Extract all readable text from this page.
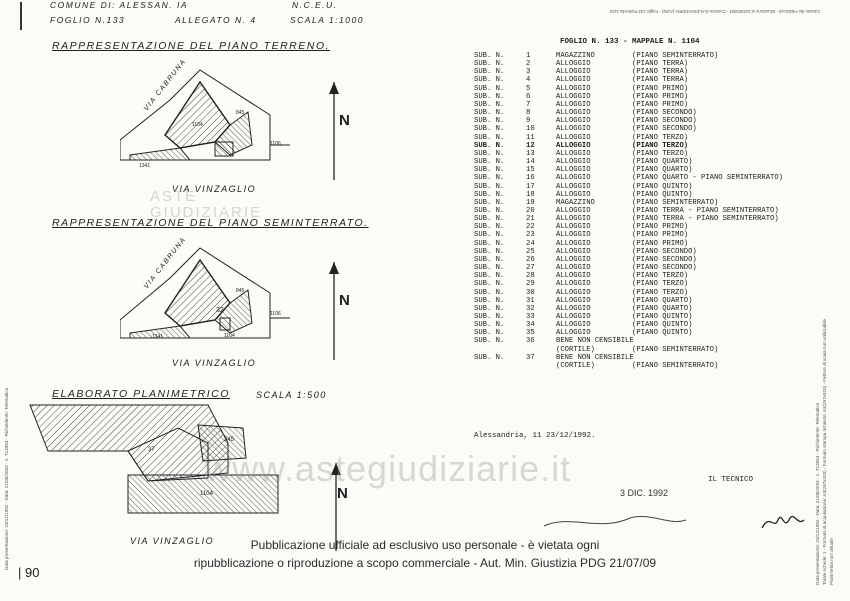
COMUNE DI: ALESSAN. IA	N.C.E.U.
FOGLIO N.133	ALLEGATO N. 4	SCALA 1:1000
RAPPRESENTAZIONE DEL PIANO TERRENO.
VIA CABRUNA
1104
1341
1106
845
VIA VINZAGLIO
N
RAPPRESENTAZIONE DEL PIANO SEMINTERRATO.
VIA CABRUNA
32
1104
1341
1106
845
VIA VINZAGLIO
N
ELABORATO PLANIMETRICO	SCALA 1:500
37
1104
345
VIA VINZAGLIO
N
Data presentazione: 23/12/1992 - Data: 21/06/2004 - n. T13054 - Richiedente: Telematico	Data presentazione: 23/12/1992 - Data: 21/06/2004 - n. T13054 - Richiedente: Telematico Totale schede: 1 - Formato di acquisizione: A3(297x420) - Formato stampa richiesto: A3(297x420) - Fattore di scala non utilizzabile Planimetria non attuale
Catasto dei Fabbricati - Situazione al 21/06/2004 - Comune di ALESSANDRIA (A182) - Foglio 133 Particella 1104
| 90
FOGLIO N. 133 - MAPPALE N. 1104
SUB. N.	1	MAGAZZINO	(PIANO SEMINTERRATO)
SUB. N.	2	ALLOGGIO	(PIANO TERRA)
SUB. N.	3	ALLOGGIO	(PIANO TERRA)
SUB. N.	4	ALLOGGIO	(PIANO TERRA)
SUB. N.	5	ALLOGGIO	(PIANO PRIMO)
SUB. N.	6	ALLOGGIO	(PIANO PRIMO)
SUB. N.	7	ALLOGGIO	(PIANO PRIMO)
SUB. N.	8	ALLOGGIO	(PIANO SECONDO)
SUB. N.	9	ALLOGGIO	(PIANO SECONDO)
SUB. N.	10	ALLOGGIO	(PIANO SECONDO)
SUB. N.	11	ALLOGGIO	(PIANO TERZO)
SUB. N.	12	ALLOGGIO	(PIANO TERZO)
SUB. N.	13	ALLOGGIO	(PIANO TERZO)
SUB. N.	14	ALLOGGIO	(PIANO QUARTO)
SUB. N.	15	ALLOGGIO	(PIANO QUARTO)
SUB. N.	16	ALLOGGIO	(PIANO QUARTO - PIANO SEMINTERRATO)
SUB. N.	17	ALLOGGIO	(PIANO QUINTO)
SUB. N.	18	ALLOGGIO	(PIANO QUINTO)
SUB. N.	19	MAGAZZINO	(PIANO SEMINTERRATO)
SUB. N.	20	ALLOGGIO	(PIANO TERRA - PIANO SEMINTERRATO)
SUB. N.	21	ALLOGGIO	(PIANO TERRA - PIANO SEMINTERRATO)
SUB. N.	22	ALLOGGIO	(PIANO PRIMO)
SUB. N.	23	ALLOGGIO	(PIANO PRIMO)
SUB. N.	24	ALLOGGIO	(PIANO PRIMO)
SUB. N.	25	ALLOGGIO	(PIANO SECONDO)
SUB. N.	26	ALLOGGIO	(PIANO SECONDO)
SUB. N.	27	ALLOGGIO	(PIANO SECONDO)
SUB. N.	28	ALLOGGIO	(PIANO TERZO)
SUB. N.	29	ALLOGGIO	(PIANO TERZO)
SUB. N.	30	ALLOGGIO	(PIANO TERZO)
SUB. N.	31	ALLOGGIO	(PIANO QUARTO)
SUB. N.	32	ALLOGGIO	(PIANO QUARTO)
SUB. N.	33	ALLOGGIO	(PIANO QUINTO)
SUB. N.	34	ALLOGGIO	(PIANO QUINTO)
SUB. N.	35	ALLOGGIO	(PIANO QUINTO)
SUB. N.	36	BENE NON CENSIBILE
(CORTILE)	(PIANO SEMINTERRATO)
SUB. N.	37	BENE NON CENSIBILE
(CORTILE)	(PIANO SEMINTERRATO)
Alessandria, 11 23/12/1992.
IL TECNICO
3 DIC. 1992
www.astegiudiziarie.it
ASTE
GIUDIZIARIE
Pubblicazione ufficiale ad esclusivo uso personale - è vietata ogni
ripubblicazione o riproduzione a scopo commerciale - Aut. Min. Giustizia PDG 21/07/09
